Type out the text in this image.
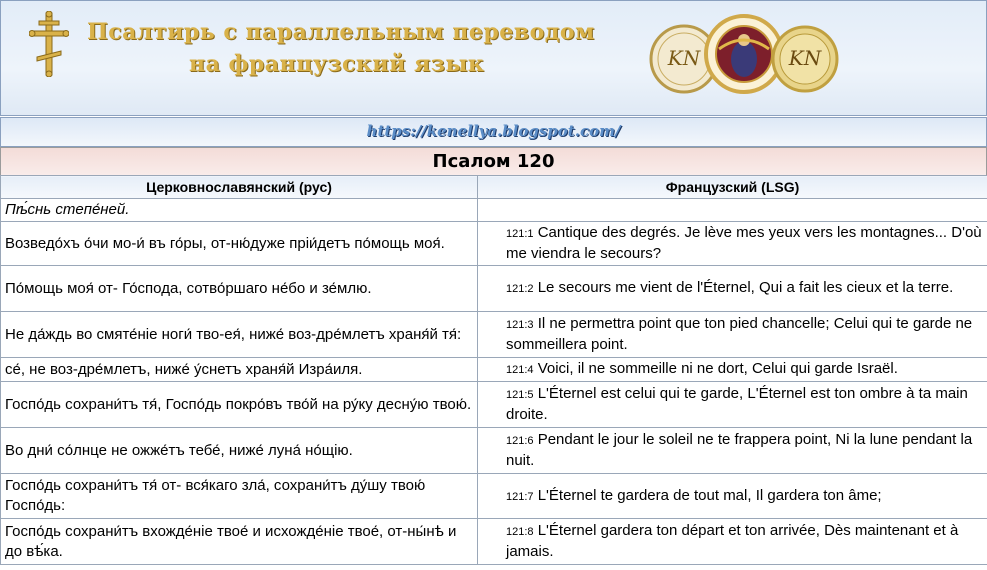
Псалтирь с параллельным переводом
на французский язык	KN	KN
https://kenellya.blogspot.com/
Псалом 120
Церковнославянский (рус)	Французский (LSG)
Пѣ́снь степе́ней.	
Возведо́хъ о́чи мо-и́ въ го́ры, от-ню́дуже прiи́детъ по́мощь моя́.	121:1 Cantique des degrés. Je lève mes yeux vers les montagnes... D'où me viendra le secours?
По́мощь моя́ от- Го́спода, сотво́ршаго не́бо и зе́млю.	121:2 Le secours me vient de l'Éternel, Qui a fait les cieux et la terre.
Не да́ждь во смяте́нiе ноги́ тво-ея́, ниже́ воз-дре́млетъ храня́й тя́:	121:3 Il ne permettra point que ton pied chancelle; Celui qui te garde ne sommeillera point.
се́, не воз-дре́млетъ, ниже́ у́снетъ храня́й Изра́иля.	121:4 Voici, il ne sommeille ni ne dort, Celui qui garde Israël.
Госпо́дь сохрани́тъ тя́, Госпо́дь покро́въ тво́й на ру́ку десну́ю твою́.	121:5 L'Éternel est celui qui te garde, L'Éternel est ton ombre à ta main droite.
Во дни́ со́лнце не ожже́тъ тебе́, ниже́ луна́ но́щiю.	121:6 Pendant le jour le soleil ne te frappera point, Ni la lune pendant la nuit.
Госпо́дь сохрани́тъ тя́ от- вся́каго зла́, сохрани́тъ ду́шу твою́ Госпо́дь:	121:7 L'Éternel te gardera de tout mal, Il gardera ton âme;
Госпо́дь сохрани́тъ вхожде́нiе твое́ и исхожде́нiе твое́, от-ны́нѣ и до вѣ́ка.	121:8 L'Éternel gardera ton départ et ton arrivée, Dès maintenant et à jamais.
